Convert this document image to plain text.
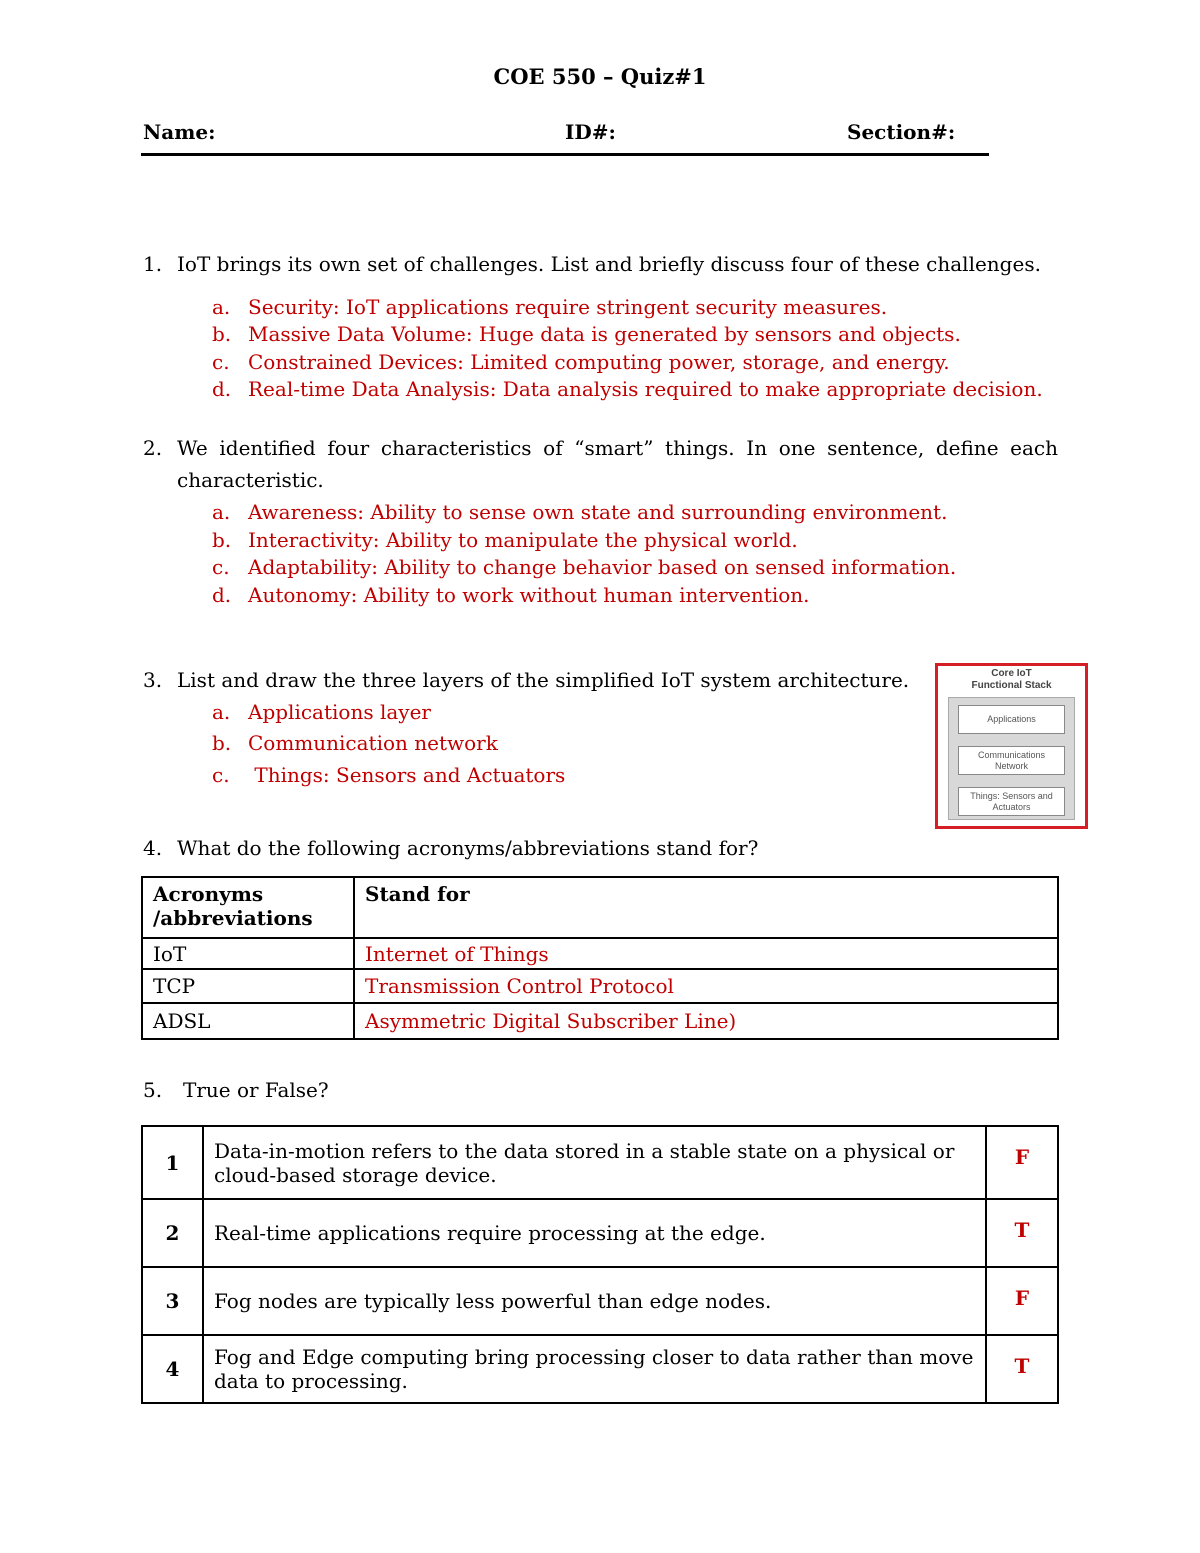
COE 550 – Quiz#1
Name:	ID#:	Section#:
1. IoT brings its own set of challenges. List and briefly discuss four of these challenges.
a. Security: IoT applications require stringent security measures.
b. Massive Data Volume: Huge data is generated by sensors and objects.
c. Constrained Devices: Limited computing power, storage, and energy.
d. Real-time Data Analysis: Data analysis required to make appropriate decision.
2. We identified four characteristics of “smart” things. In one sentence, define each
characteristic.
a. Awareness: Ability to sense own state and surrounding environment.
b. Interactivity: Ability to manipulate the physical world.
c. Adaptability: Ability to change behavior based on sensed information.
d. Autonomy: Ability to work without human intervention.
3. List and draw the three layers of the simplified IoT system architecture.
a. Applications layer
b. Communication network
c. Things: Sensors and Actuators
Core IoT
Functional Stack
Applications
Communications
Network
Things: Sensors and
Actuators
4. What do the following acronyms/abbreviations stand for?
Acronyms
/abbreviations	Stand for
IoT	Internet of Things
TCP	Transmission Control Protocol
ADSL	Asymmetric Digital Subscriber Line)
5. True or False?
1	Data-in-motion refers to the data stored in a stable state on a physical or cloud-based storage device.	F
2	Real-time applications require processing at the edge.	T
3	Fog nodes are typically less powerful than edge nodes.	F
4	Fog and Edge computing bring processing closer to data rather than move data to processing.	T
